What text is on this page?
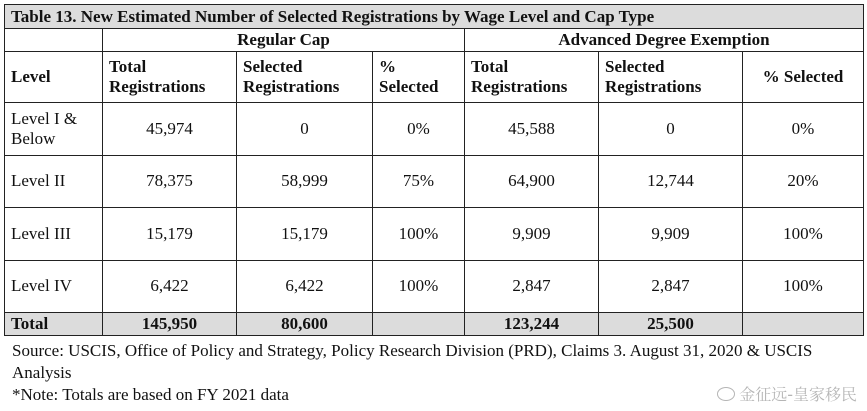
Table 13. New Estimated Number of Selected Registrations by Wage Level and Cap Type						
	Regular Cap			Advanced Degree Exemption		
Level	Total Registrations	Selected Registrations	% Selected	Total Registrations	Selected Registrations	% Selected
Level I & Below	45,974	0	0%	45,588	0	0%
Level II	78,375	58,999	75%	64,900	12,744	20%
Level III	15,179	15,179	100%	9,909	9,909	100%
Level IV	6,422	6,422	100%	2,847	2,847	100%
Total	145,950	80,600		123,244	25,500	
Source: USCIS, Office of Policy and Strategy, Policy Research Division (PRD), Claims 3. August 31, 2020 & USCIS Analysis
*Note: Totals are based on FY 2021 data	金征远-皇家移民
